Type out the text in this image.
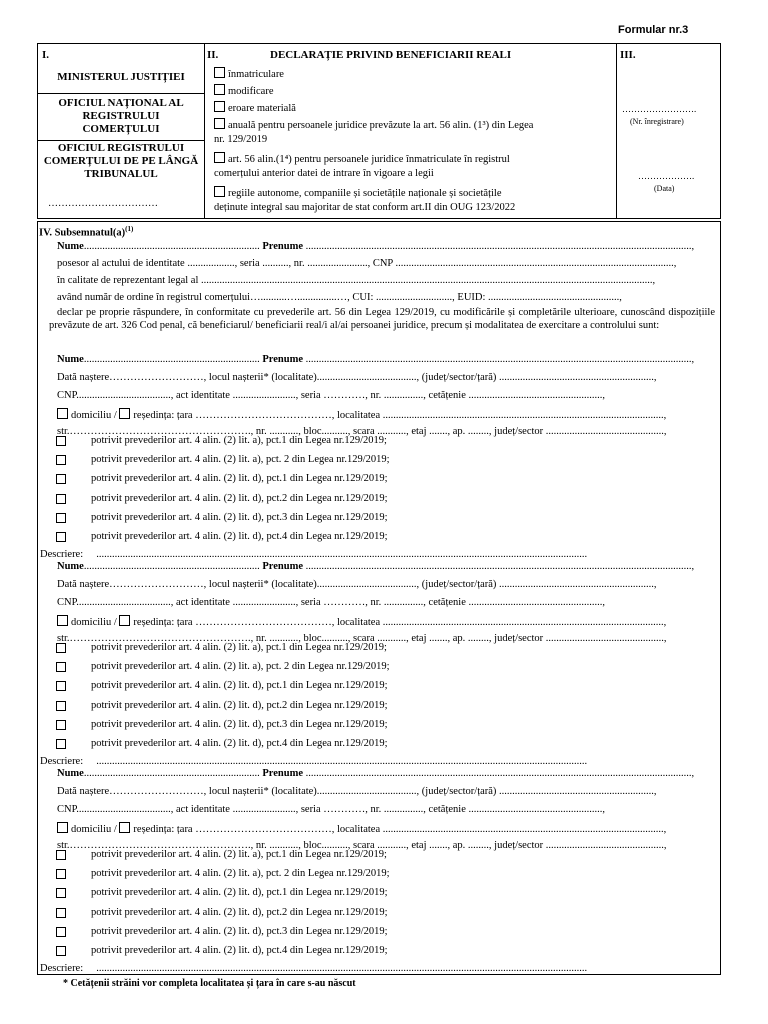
Formular nr.3
I.
MINISTERUL JUSTIȚIEI
OFICIUL NAȚIONAL AL REGISTRULUI COMERȚULUI
OFICIUL REGISTRULUI COMERȚULUI DE PE LÂNGĂ TRIBUNALUL
……………………………
II.	DECLARAȚIE PRIVIND BENEFICIARII REALI
înmatriculare
modificare
eroare materială
anuală pentru persoanele juridice prevăzute la art. 56 alin. (1³) din Legea
nr. 129/2019
art. 56 alin.(1⁴) pentru persoanele juridice înmatriculate în registrul
comerțului anterior datei de intrare în vigoare a legii
regiile autonome, companiile și societățile naționale și societățile
deținute integral sau majoritar de stat conform art.II din OUG 123/2022
III.
…………………….
(Nr. înregistrare)
……………….
(Data)
IV. $Subsemnatul(a)^{(1)}$
Nume................................................................... Prenume ...................................................................................................................................................,
posesor al actului de identitate .................., seria .........., nr. ......................., CNP ..........................................................................................................,
în calitate de reprezentant legal al ............................................................................................................................................................................,
având număr de ordine în registrul comerțului…..........…...............…, CUI: ............................., EUID: ..................................................,
declar pe proprie răspundere, în conformitate cu prevederile art. 56 din Legea 129/2019, cu modificările și completările ulterioare, cunoscând dispozițiile prevăzute de art. 326 Cod penal, că beneficiarul/ beneficiarii real/i al/ai persoanei juridice, precum și modalitatea de exercitare a controlului sunt:
Nume................................................................... Prenume ...................................................................................................................................................,
Dată naștere………………………, locul nașterii* (localitate)......................................, (județ/sector/țară) ...........................................................,
CNP...................................., act identitate ........................, seria …………, nr. ..............., cetățenie ...................................................,
domiciliu / reședința: țara …………………………………, localitatea ...........................................................................................................,
str.……………………………………………., nr. ..........., bloc.........., scara ..........., etaj ......., ap. ........, județ/sector .............................................,
potrivit prevederilor art. 4 alin. (2) lit. a), pct.1 din Legea nr.129/2019;
potrivit prevederilor art. 4 alin. (2) lit. a), pct. 2 din Legea nr.129/2019;
potrivit prevederilor art. 4 alin. (2) lit. d), pct.1 din Legea nr.129/2019;
potrivit prevederilor art. 4 alin. (2) lit. d), pct.2 din Legea nr.129/2019;
potrivit prevederilor art. 4 alin. (2) lit. d), pct.3 din Legea nr.129/2019;
potrivit prevederilor art. 4 alin. (2) lit. d), pct.4 din Legea nr.129/2019;
Descriere: ...........................................................................................................................................................................................
Nume................................................................... Prenume ...................................................................................................................................................,
Dată naștere………………………, locul nașterii* (localitate)......................................, (județ/sector/țară) ...........................................................,
CNP...................................., act identitate ........................, seria …………, nr. ..............., cetățenie ...................................................,
domiciliu / reședința: țara …………………………………, localitatea ...........................................................................................................,
str.……………………………………………., nr. ..........., bloc.........., scara ..........., etaj ......., ap. ........, județ/sector .............................................,
potrivit prevederilor art. 4 alin. (2) lit. a), pct.1 din Legea nr.129/2019;
potrivit prevederilor art. 4 alin. (2) lit. a), pct. 2 din Legea nr.129/2019;
potrivit prevederilor art. 4 alin. (2) lit. d), pct.1 din Legea nr.129/2019;
potrivit prevederilor art. 4 alin. (2) lit. d), pct.2 din Legea nr.129/2019;
potrivit prevederilor art. 4 alin. (2) lit. d), pct.3 din Legea nr.129/2019;
potrivit prevederilor art. 4 alin. (2) lit. d), pct.4 din Legea nr.129/2019;
Descriere: ...........................................................................................................................................................................................
Nume................................................................... Prenume ...................................................................................................................................................,
Dată naștere………………………, locul nașterii* (localitate)......................................, (județ/sector/țară) ...........................................................,
CNP...................................., act identitate ........................, seria …………, nr. ..............., cetățenie ...................................................,
domiciliu / reședința: țara …………………………………, localitatea ...........................................................................................................,
str.……………………………………………., nr. ..........., bloc.........., scara ..........., etaj ......., ap. ........, județ/sector .............................................,
potrivit prevederilor art. 4 alin. (2) lit. a), pct.1 din Legea nr.129/2019;
potrivit prevederilor art. 4 alin. (2) lit. a), pct. 2 din Legea nr.129/2019;
potrivit prevederilor art. 4 alin. (2) lit. d), pct.1 din Legea nr.129/2019;
potrivit prevederilor art. 4 alin. (2) lit. d), pct.2 din Legea nr.129/2019;
potrivit prevederilor art. 4 alin. (2) lit. d), pct.3 din Legea nr.129/2019;
potrivit prevederilor art. 4 alin. (2) lit. d), pct.4 din Legea nr.129/2019;
Descriere: ...........................................................................................................................................................................................
* Cetățenii străini vor completa localitatea și țara în care s-au născut
